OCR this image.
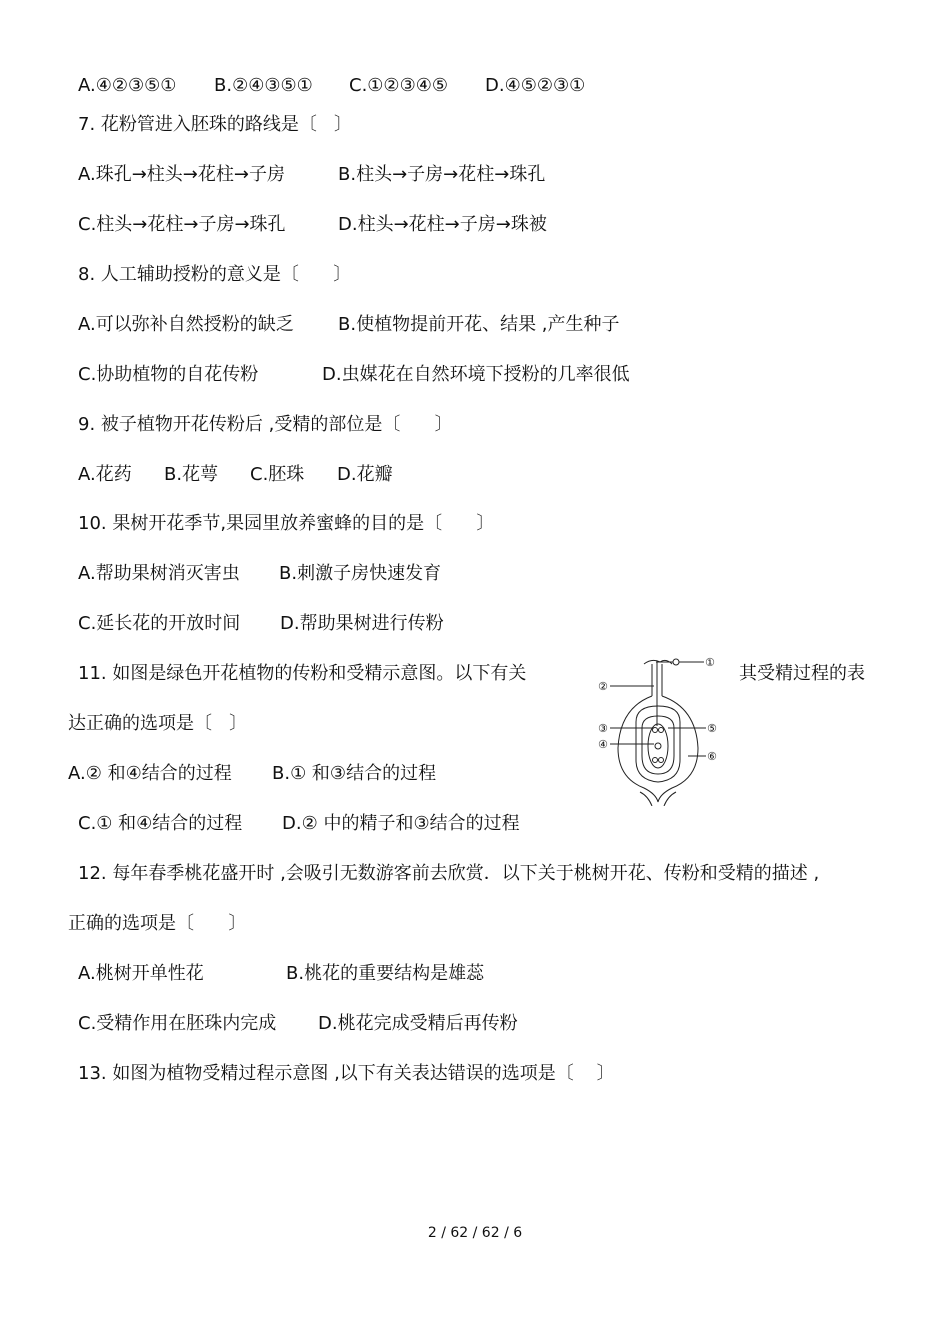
A.④②③⑤① B.②④③⑤① C.①②③④⑤ D.④⑤②③①
7. 花粉管进入胚珠的路线是〔   〕
A.珠孔→柱头→花柱→子房	B.柱头→子房→花柱→珠孔
C.柱头→花柱→子房→珠孔	D.柱头→花柱→子房→珠被
8. 人工辅助授粉的意义是〔      〕
A.可以弥补自然授粉的缺乏 B.使植物提前开花、结果 ,产生种子
C.协助植物的自花传粉	D.虫媒花在自然环境下授粉的几率很低
9. 被子植物开花传粉后 ,受精的部位是〔      〕
A.花药 B.花萼 C.胚珠 D.花瓣
10. 果树开花季节,果园里放养蜜蜂的目的是〔      〕
A.帮助果树消灭害虫 B.刺激子房快速发育
C.延长花的开放时间 D.帮助果树进行传粉
11. 如图是绿色开花植物的传粉和受精示意图。以下有关	其受精过程的表
达正确的选项是〔   〕
A.② 和④结合的过程 B.① 和③结合的过程
C.① 和④结合的过程 D.② 中的精子和③结合的过程
①
②
③
④
⑤
⑥
12. 每年春季桃花盛开时 ,会吸引无数游客前去欣赏．以下关于桃树开花、传粉和受精的描述 ,
正确的选项是〔      〕
A.桃树开单性花	B.桃花的重要结构是雄蕊
C.受精作用在胚珠内完成 D.桃花完成受精后再传粉
13. 如图为植物受精过程示意图 ,以下有关表达错误的选项是〔    〕
2 / 62 / 62 / 6
